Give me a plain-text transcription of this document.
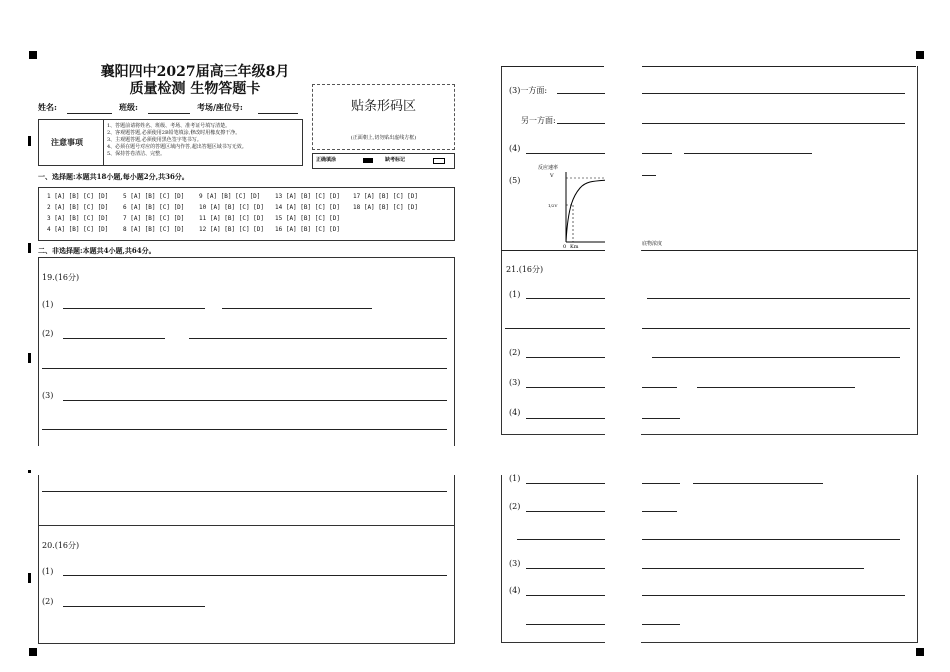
襄阳四中2027届高三年级8月
质量检测 生物答题卡
姓名:	班级:	考场/座位号:	贴条形码区
(正面朝上,切勿贴出虚线方框)
注意事项
1、答题前请将姓名、班级、考场、准考证号填写清楚。
2、客观题答题,必须使用2B铅笔填涂,修改时用橡皮擦干净。
3、主观题答题,必须使用黑色签字笔书写。
4、必须在题号对应的答题区域内作答,超出答题区域书写无效。
5、保持答卷清洁、完整。
正确填涂	缺考标记
一、选择题:本题共18小题,每小题2分,共36分。
1 [A] [B] [C] [D] 5 [A] [B] [C] [D] 9 [A] [B] [C] [D] 13 [A] [B] [C] [D] 17 [A] [B] [C] [D]
2 [A] [B] [C] [D] 6 [A] [B] [C] [D] 10 [A] [B] [C] [D] 14 [A] [B] [C] [D] 18 [A] [B] [C] [D]
3 [A] [B] [C] [D] 7 [A] [B] [C] [D] 11 [A] [B] [C] [D] 15 [A] [B] [C] [D]
4 [A] [B] [C] [D] 8 [A] [B] [C] [D] 12 [A] [B] [C] [D] 16 [A] [B] [C] [D]
二、非选择题:本题共4小题,共64分。
19.(16分)
(1)
(2)
(3)
20.(16分)
(1)
(2)
(3)一方面:
另一方面:
(4)
(5)
反应速率
V
1/2V
0 Km	底物浓度
21.(16分)
(1)
(2)
(3)
(4)
(1)
(2)
(3)
(4)
